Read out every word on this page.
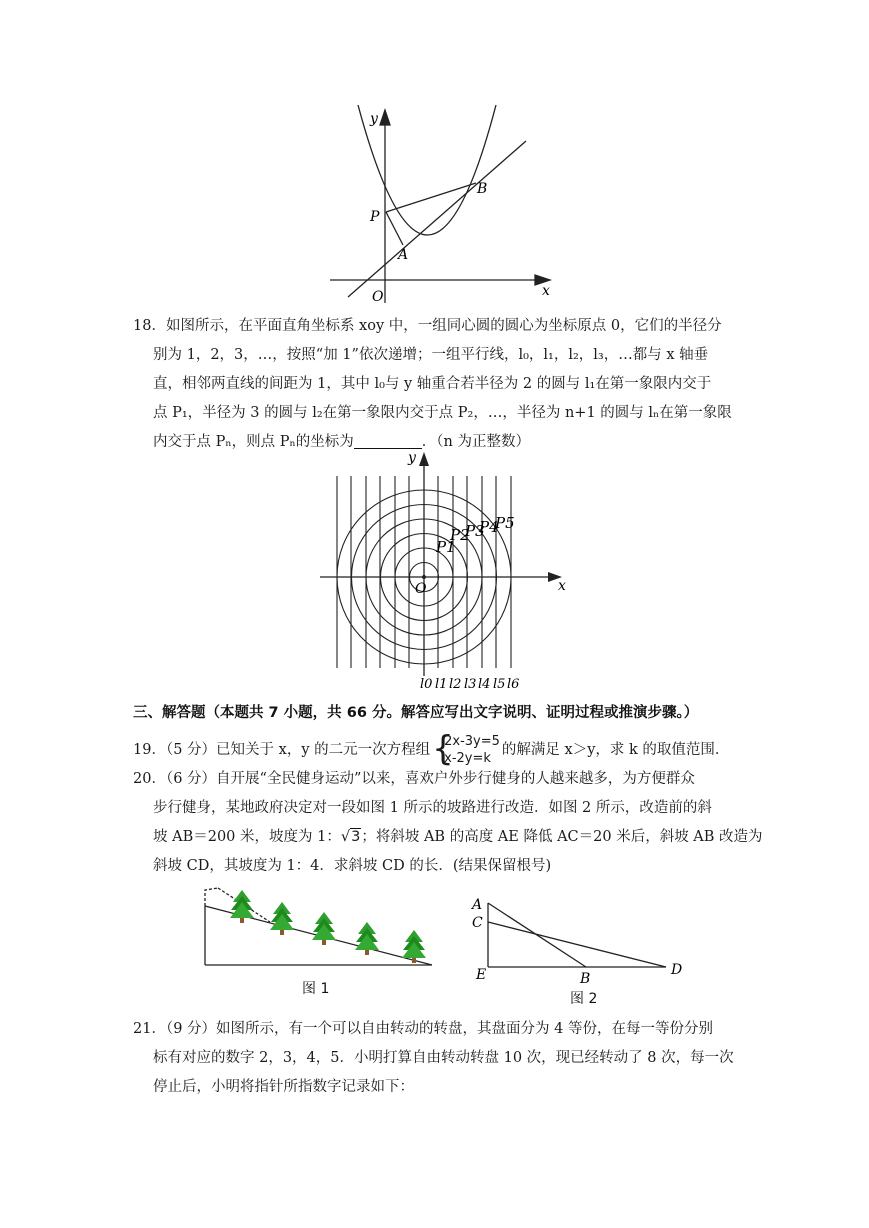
y
x
O
P
A
B
18．如图所示，在平面直角坐标系 xoy 中，一组同心圆的圆心为坐标原点 0，它们的半径分
别为 1，2，3，…，按照“加 1”依次递增；一组平行线，l₀，l₁，l₂，l₃，…都与 x 轴垂
直，相邻两直线的间距为 1，其中 l₀与 y 轴重合若半径为 2 的圆与 l₁在第一象限内交于
点 P₁，半径为 3 的圆与 l₂在第一象限内交于点 P₂，…，半径为 n+1 的圆与 lₙ在第一象限
内交于点 Pₙ，则点 Pₙ的坐标为	．（n 为正整数）
y
x
O
P1
P2
P3
P4
P5
l0 l1 l2 l3 l4 l5 l6
三、解答题（本题共 7 小题，共 66 分。解答应写出文字说明、证明过程或推演步骤。）
19．（5 分）已知关于 x，y 的二元一次方程组 {
2x-3y=5
x-2y=k
的解满足 x＞y，求 k 的取值范围．
20．（6 分）自开展“全民健身运动”以来，喜欢户外步行健身的人越来越多，为方便群众
步行健身，某地政府决定对一段如图 1 所示的坡路进行改造．如图 2 所示，改造前的斜
坡 AB＝200 米，坡度为 1：√3；将斜坡 AB 的高度 AE 降低 AC＝20 米后，斜坡 AB 改造为
斜坡 CD，其坡度为 1：4．求斜坡 CD 的长．(结果保留根号)
图 1
A
C
E	B
D
图 2
21．（9 分）如图所示，有一个可以自由转动的转盘，其盘面分为 4 等份，在每一等份分别
标有对应的数字 2，3，4，5．小明打算自由转动转盘 10 次，现已经转动了 8 次，每一次
停止后，小明将指针所指数字记录如下：
